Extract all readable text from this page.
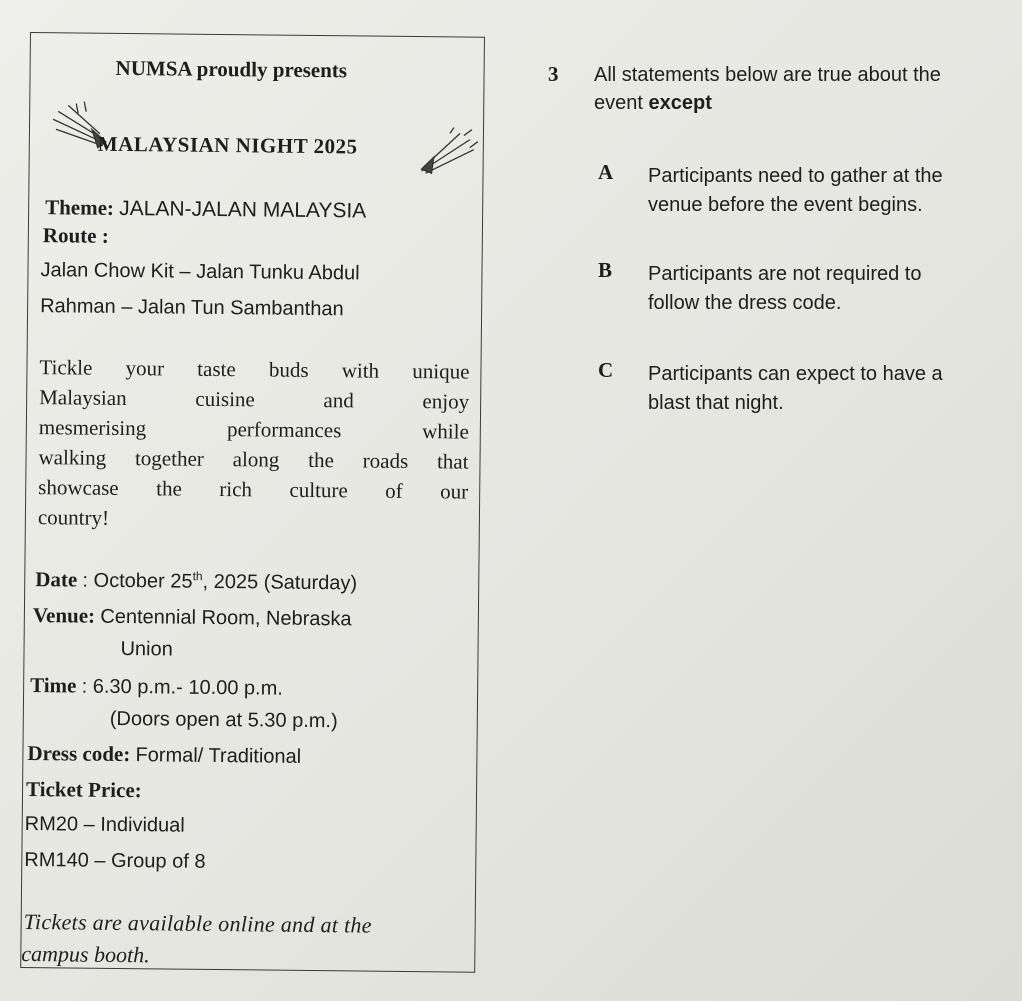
NUMSA proudly presents
MALAYSIAN NIGHT 2025
Theme: JALAN-JALAN MALAYSIA
Route :
Jalan Chow Kit – Jalan Tunku Abdul
Rahman – Jalan Tun Sambanthan
Tickle your taste buds with unique
Malaysian cuisine and enjoy
mesmerising performances while
walking together along the roads that
showcase the rich culture of our
country!
Date : October 25th, 2025 (Saturday)
Venue: Centennial Room, Nebraska
Union
Time : 6.30 p.m.- 10.00 p.m.
(Doors open at 5.30 p.m.)
Dress code: Formal/ Traditional
Ticket Price:
RM20 – Individual
RM140 – Group of 8
Tickets are available online and at the
campus booth.
3 All statements below are true about the
event except
A Participants need to gather at the
venue before the event begins.
B Participants are not required to
follow the dress code.
C Participants can expect to have a
blast that night.
